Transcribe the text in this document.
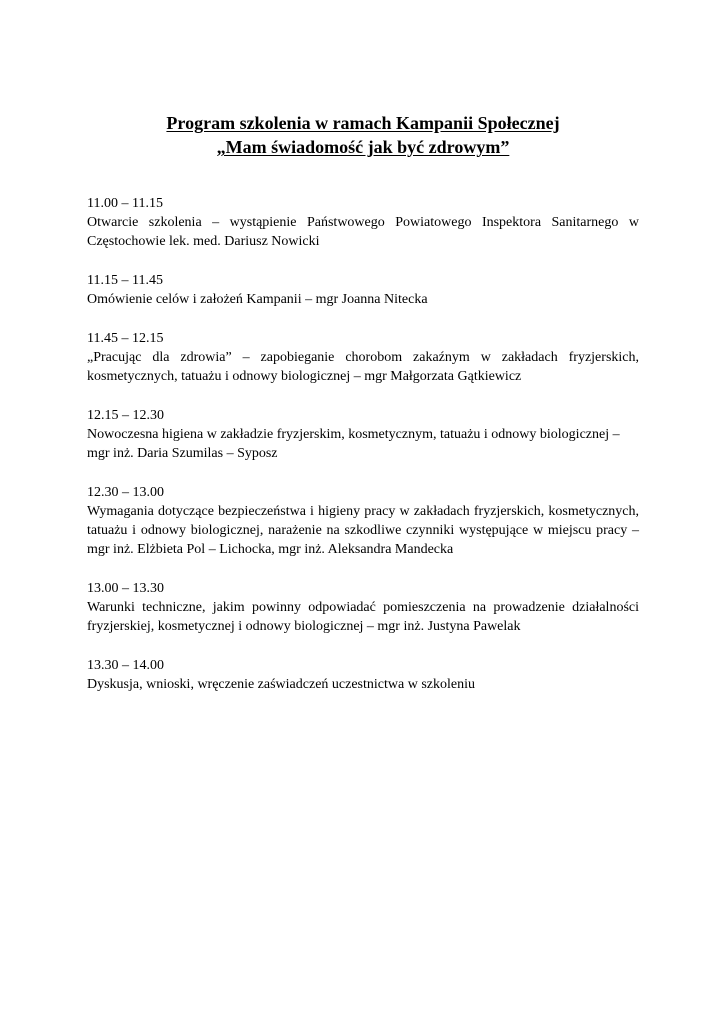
Program szkolenia w ramach Kampanii Społecznej
„Mam świadomość jak być zdrowym”
11.00 – 11.15
Otwarcie szkolenia – wystąpienie Państwowego Powiatowego Inspektora Sanitarnego w Częstochowie lek. med. Dariusz Nowicki
11.15 – 11.45
Omówienie celów i założeń Kampanii – mgr Joanna Nitecka
11.45 – 12.15
„Pracując dla zdrowia” – zapobieganie chorobom zakaźnym w zakładach fryzjerskich, kosmetycznych, tatuażu i odnowy biologicznej – mgr Małgorzata Gątkiewicz
12.15 – 12.30
Nowoczesna higiena w zakładzie fryzjerskim, kosmetycznym, tatuażu i odnowy biologicznej – mgr inż. Daria Szumilas – Syposz
12.30 – 13.00
Wymagania dotyczące bezpieczeństwa i higieny pracy w zakładach fryzjerskich, kosmetycznych, tatuażu i odnowy biologicznej, narażenie na szkodliwe czynniki występujące w miejscu pracy – mgr inż. Elżbieta Pol – Lichocka, mgr inż. Aleksandra Mandecka
13.00 – 13.30
Warunki techniczne, jakim powinny odpowiadać pomieszczenia na prowadzenie działalności fryzjerskiej, kosmetycznej i odnowy biologicznej – mgr inż. Justyna Pawelak
13.30 – 14.00
Dyskusja, wnioski, wręczenie zaświadczeń uczestnictwa w szkoleniu
